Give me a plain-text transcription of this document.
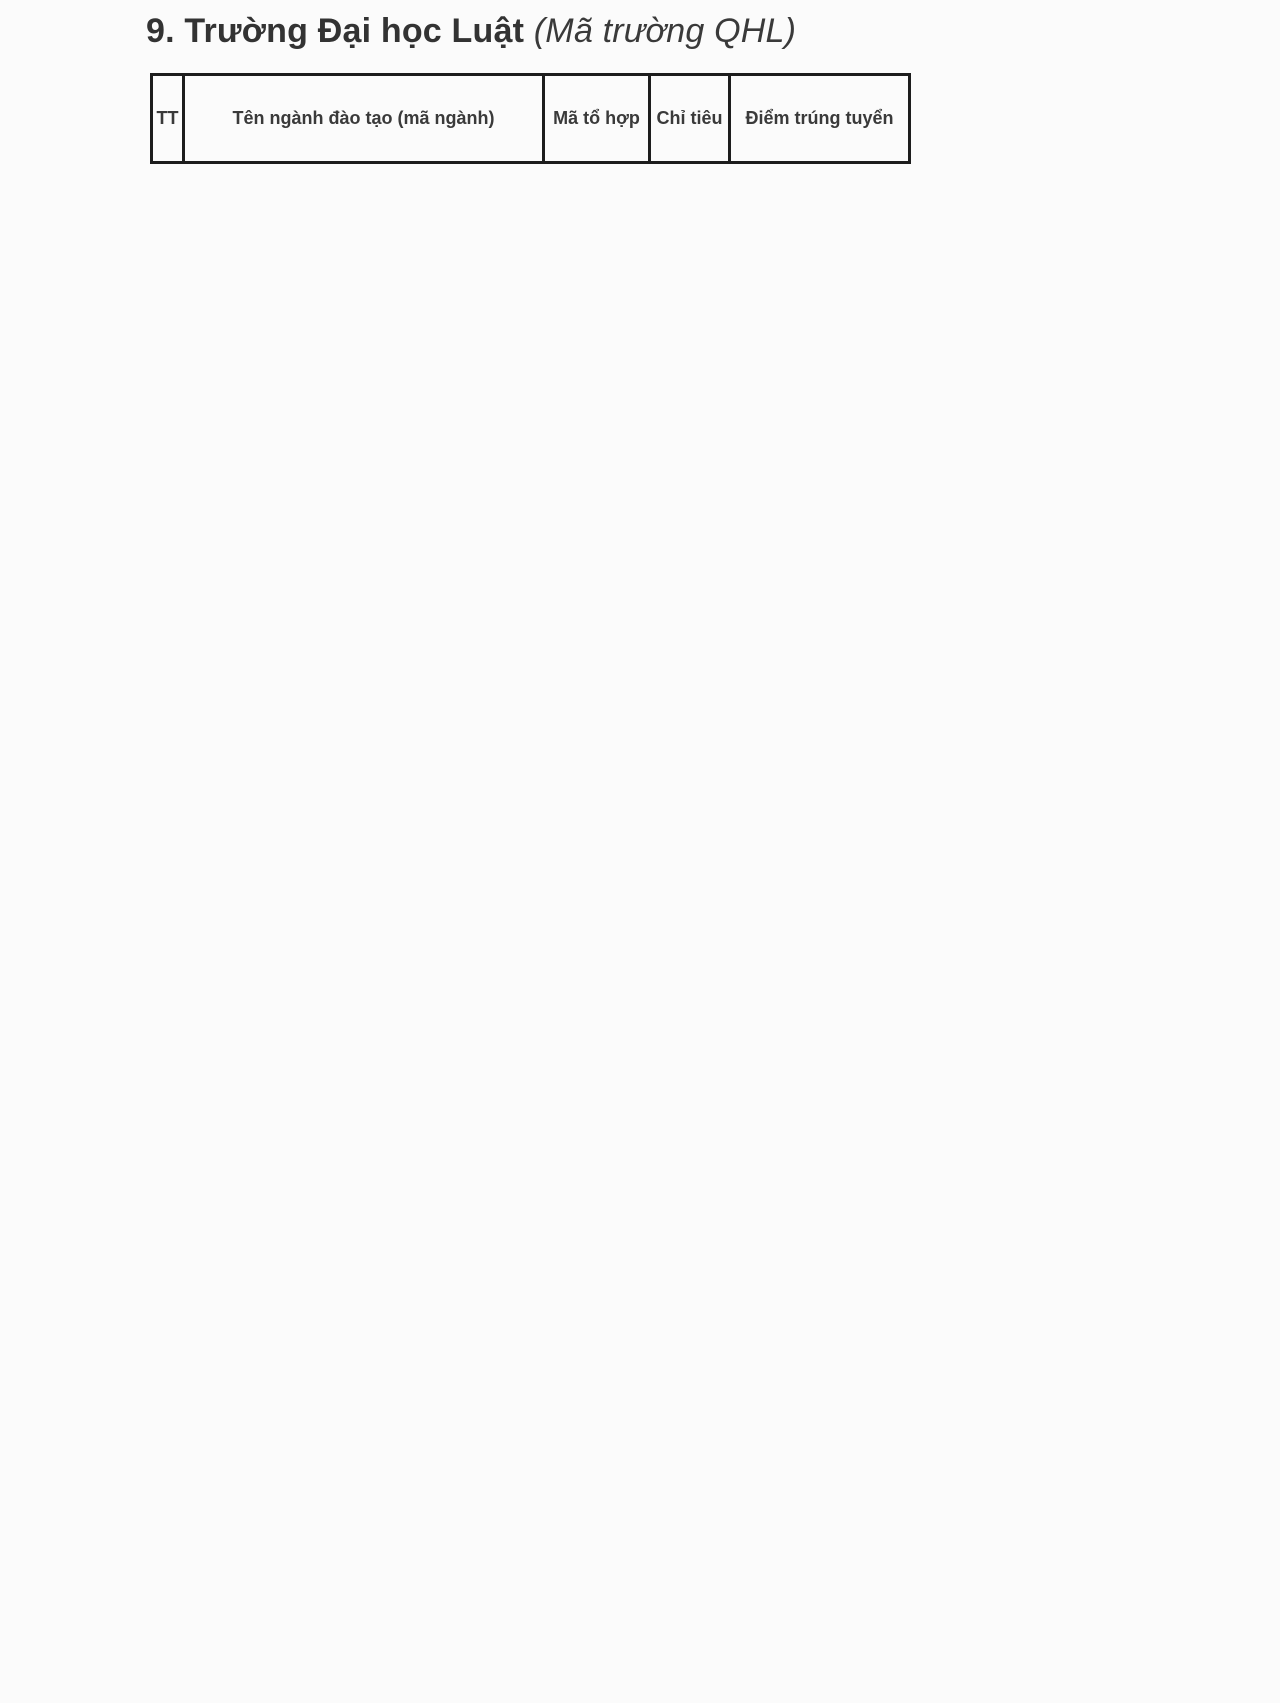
9. Trường Đại học Luật (Mã trường QHL)
TT	Tên ngành đào tạo (mã ngành)	Mã tổ hợp	Chỉ tiêu	Điểm trúng tuyển
